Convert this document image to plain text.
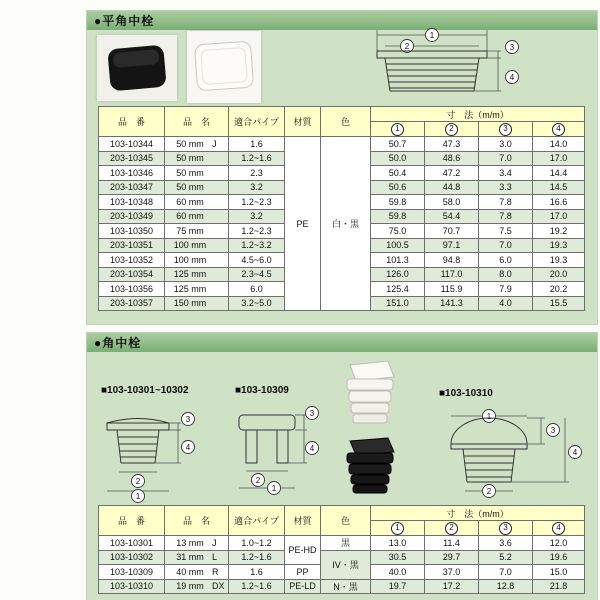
●平角中栓
1
2	3
4
品　番	品　名	適合パイプ	材質	色	寸　法（m/m）			
					1	2	3	4
103-10344	50 mm J	1.6	PE	白・黒	50.7	47.3	3.0	14.0
203-10345	50 mm	1.2~1.6			50.0	48.6	7.0	17.0
103-10346	50 mm	2.3			50.4	47.2	3.4	14.4
203-10347	50 mm	3.2			50.6	44.8	3.3	14.5
103-10348	60 mm	1.2~2.3			59.8	58.0	7.8	16.6
203-10349	60 mm	3.2			59.8	54.4	7.8	17.0
103-10350	75 mm	1.2~2.3			75.0	70.7	7.5	19.2
203-10351	100 mm	1.2~3.2			100.5	97.1	7.0	19.3
103-10352	100 mm	4.5~6.0			101.3	94.8	6.0	19.3
203-10354	125 mm	2.3~4.5			126.0	117.0	8.0	20.0
103-10356	125 mm	6.0			125.4	115.9	7.9	20.2
203-10357	150 mm	3.2~5.0			151.0	141.3	4.0	15.5
●角中栓
■103-10301~10302	■103-10309	■103-10310
3
4
2
1
3
4
2
1
1
3
4
2
品　番	品　名	適合パイプ	材質	色	寸　法（m/m）			
					1	2	3	4
103-10301	13 mm J	1.0~1.2	PE-HD	黒	13.0	11.4	3.6	12.0
103-10302	31 mm L	1.2~1.6		IV・黒	30.5	29.7	5.2	19.6
103-10309	40 mm R	1.6	PP		40.0	37.0	7.0	15.0
103-10310	19 mm DX	1.2~1.6	PE-LD	N・黒	19.7	17.2	12.8	21.8
